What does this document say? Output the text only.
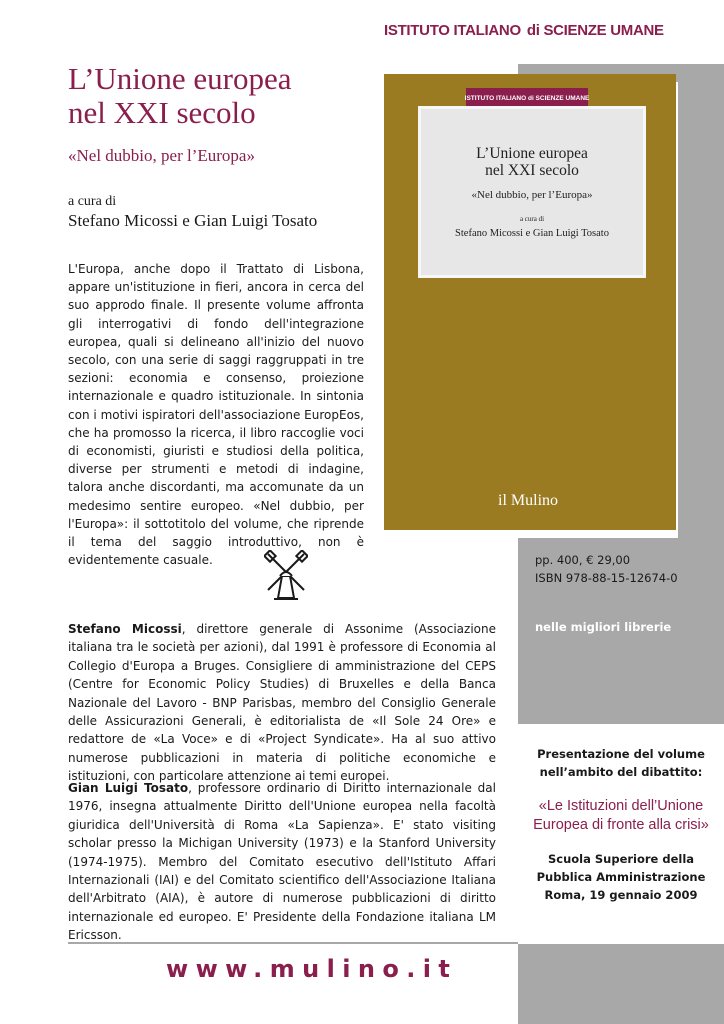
ISTITUTO ITALIANO di SCIENZE UMANE
L’Unione europea
nel XXI secolo
«Nel dubbio, per l’Europa»
a cura di
Stefano Micossi e Gian Luigi Tosato

L'Europa, anche dopo il Trattato di Lisbona, appare un'istituzione in fieri, ancora in cerca del suo approdo finale. Il presente volume affronta gli interrogativi di fondo dell'integrazione europea, quali si delineano all'inizio del nuovo secolo, con una serie di saggi raggruppati in tre sezioni: economia e consenso, proiezione internazionale e quadro istituzionale. In sintonia con i motivi ispiratori dell'associazione EuropEos, che ha promosso la ricerca, il libro raccoglie voci di economisti, giuristi e studiosi della politica, diverse per strumenti e metodi di indagine, talora anche discordanti, ma accomunate da un medesimo sentire europeo. «Nel dubbio, per l'Europa»: il sottotitolo del volume, che riprende il tema del saggio introduttivo, non è evidentemente casuale.

ISTITUTO ITALIANO di SCIENZE UMANE
L’Unione europea
nel XXI secolo
«Nel dubbio, per l’Europa»
a cura di
Stefano Micossi e Gian Luigi Tosato
il Mulino
pp. 400, € 29,00
ISBN 978-88-15-12674-0
nelle migliori librerie

Stefano Micossi, direttore generale di Assonime (Associazione italiana tra le società per azioni), dal 1991 è professore di Economia al Collegio d'Europa a Bruges. Consigliere di amministrazione del CEPS (Centre for Economic Policy Studies) di Bruxelles e della Banca Nazionale del Lavoro - BNP Parisbas, membro del Consiglio Generale delle Assicurazioni Generali, è editorialista de «Il Sole 24 Ore» e redattore de «La Voce» e di «Project Syndicate». Ha al suo attivo numerose pubblicazioni in materia di politiche economiche e istituzioni, con particolare attenzione ai temi europei.

Gian Luigi Tosato, professore ordinario di Diritto internazionale dal 1976, insegna attualmente Diritto dell'Unione europea nella facoltà giuridica dell'Università di Roma «La Sapienza». E' stato visiting scholar presso la Michigan University (1973) e la Stanford University (1974-1975). Membro del Comitato esecutivo dell'Istituto Affari Internazionali (IAI) e del Comitato scientifico dell'Associazione Italiana dell'Arbitrato (AIA), è autore di numerose pubblicazioni di diritto internazionale ed europeo. E' Presidente della Fondazione italiana LM Ericsson.

Presentazione del volume
nell’ambito del dibattito:
«Le Istituzioni dell’Unione
Europea di fronte alla crisi»
Scuola Superiore della
Pubblica Amministrazione
Roma, 19 gennaio 2009
www.mulino.it
